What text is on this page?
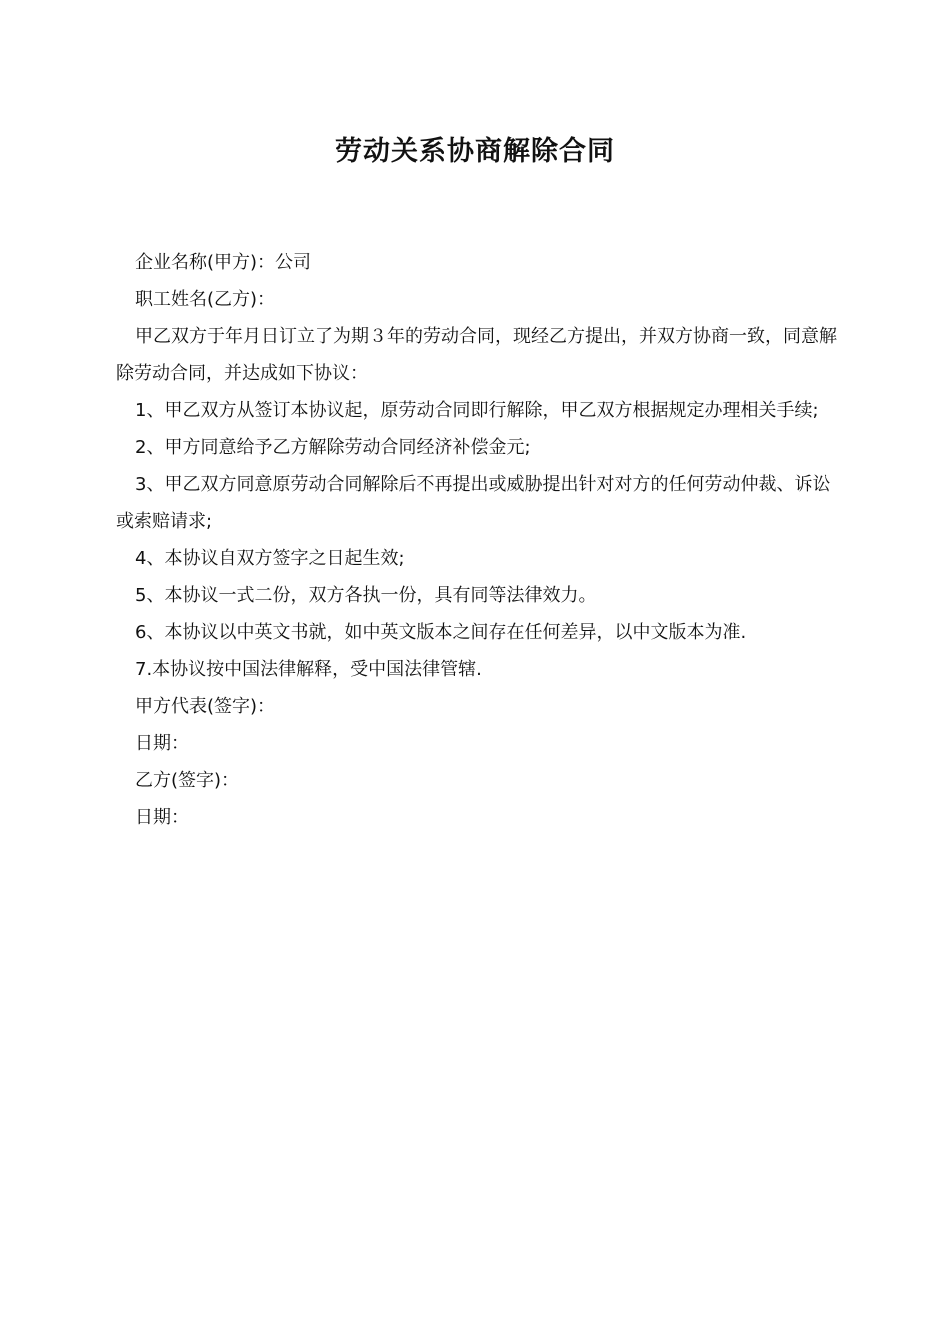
劳动关系协商解除合同

企业名称(甲方)：公司

职工姓名(乙方)：

甲乙双方于年月日订立了为期３年的劳动合同，现经乙方提出，并双方协商一致，同意解除劳动合同，并达成如下协议：

1、甲乙双方从签订本协议起，原劳动合同即行解除，甲乙双方根据规定办理相关手续;

2、甲方同意给予乙方解除劳动合同经济补偿金元;

3、甲乙双方同意原劳动合同解除后不再提出或威胁提出针对对方的任何劳动仲裁、诉讼或索赔请求;

4、本协议自双方签字之日起生效;

5、本协议一式二份，双方各执一份，具有同等法律效力。

6、本协议以中英文书就，如中英文版本之间存在任何差异，以中文版本为准.

7.本协议按中国法律解释，受中国法律管辖.

甲方代表(签字)：

日期：

乙方(签字)：

日期：
